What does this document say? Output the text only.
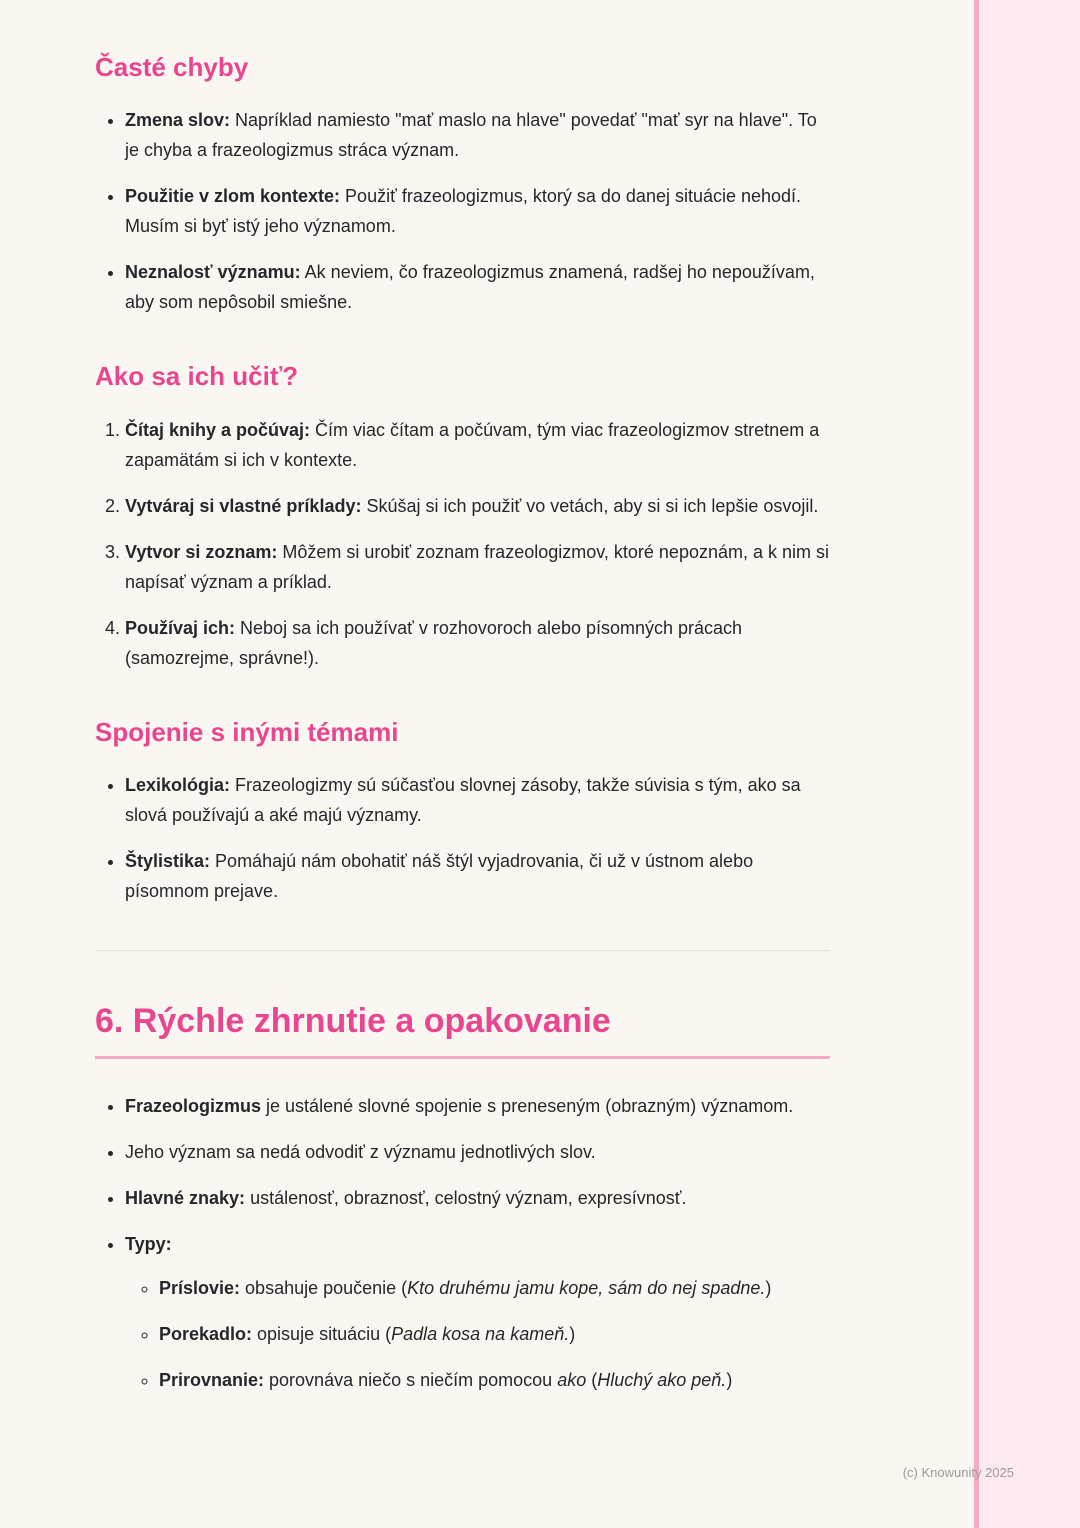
Časté chyby
• Zmena slov: Napríklad namiesto "mať maslo na hlave" povedať "mať syr na hlave". To je chyba a frazeologizmus stráca význam.
• Použitie v zlom kontexte: Použiť frazeologizmus, ktorý sa do danej situácie nehodí. Musím si byť istý jeho významom.
• Neznalosť významu: Ak neviem, čo frazeologizmus znamená, radšej ho nepoužívam, aby som nepôsobil smiešne.
Ako sa ich učiť?
1. Čítaj knihy a počúvaj: Čím viac čítam a počúvam, tým viac frazeologizmov stretnem a zapamätám si ich v kontexte.
2. Vytváraj si vlastné príklady: Skúšaj si ich použiť vo vetách, aby si si ich lepšie osvojil.
3. Vytvor si zoznam: Môžem si urobiť zoznam frazeologizmov, ktoré nepoznám, a k nim si napísať význam a príklad.
4. Používaj ich: Neboj sa ich používať v rozhovoroch alebo písomných prácach (samozrejme, správne!).
Spojenie s inými témami
• Lexikológia: Frazeologizmy sú súčasťou slovnej zásoby, takže súvisia s tým, ako sa slová používajú a aké majú významy.
• Štylistika: Pomáhajú nám obohatiť náš štýl vyjadrovania, či už v ústnom alebo písomnom prejave.
6. Rýchle zhrnutie a opakovanie
• Frazeologizmus je ustálené slovné spojenie s preneseným (obrazným) významom.
• Jeho význam sa nedá odvodiť z významu jednotlivých slov.
• Hlavné znaky: ustálenosť, obraznosť, celostný význam, expresívnosť.
• Typy:
◦ Príslovie: obsahuje poučenie (Kto druhému jamu kope, sám do nej spadne.)
◦ Porekadlo: opisuje situáciu (Padla kosa na kameň.)
◦ Prirovnanie: porovnáva niečo s niečím pomocou ako (Hluchý ako peň.)
(c) Knowunity 2025
